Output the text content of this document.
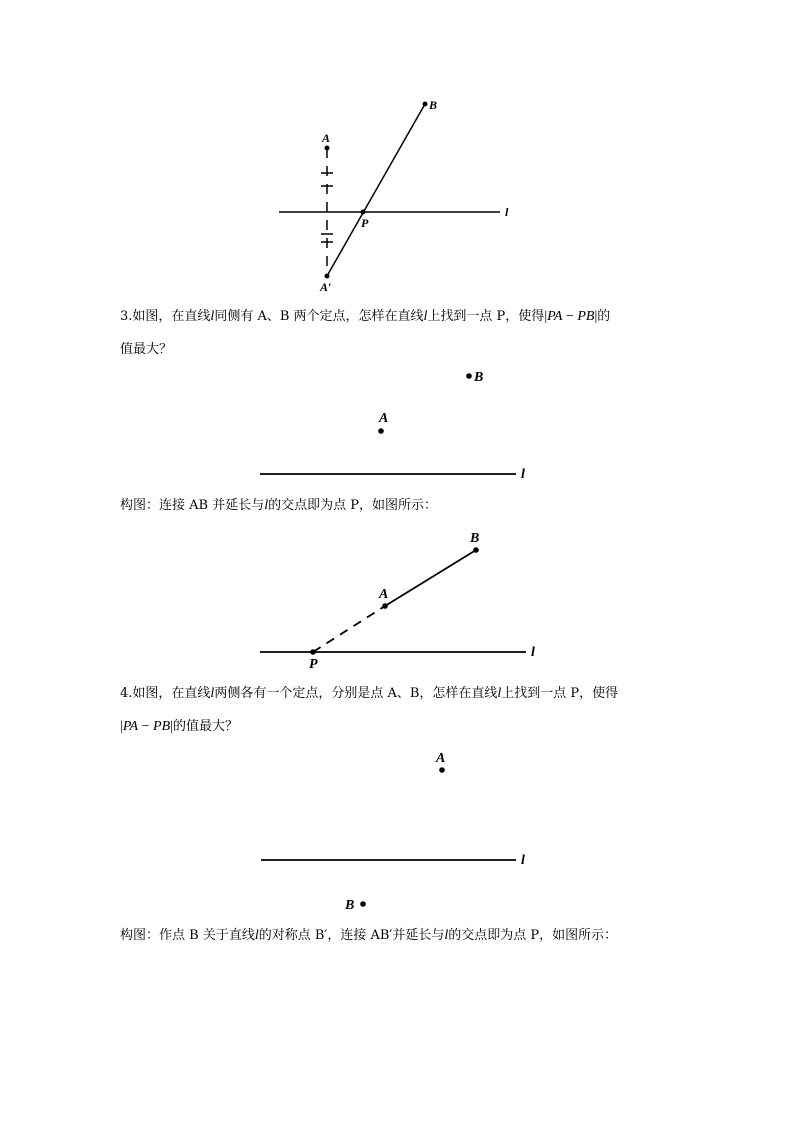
A
B
P
A′
l

3.如图，在直线l同侧有 A、B 两个定点，怎样在直线l上找到一点 P，使得|PA − PB|的
值最大？

B
A
l

构图：连接 AB 并延长与l的交点即为点 P，如图所示：

B
A
P
l

4.如图，在直线l两侧各有一个定点，分别是点 A、B，怎样在直线l上找到一点 P，使得
|PA − PB|的值最大？

A
B
l

构图：作点 B 关于直线l的对称点 B′，连接 AB′并延长与l的交点即为点 P，如图所示：
